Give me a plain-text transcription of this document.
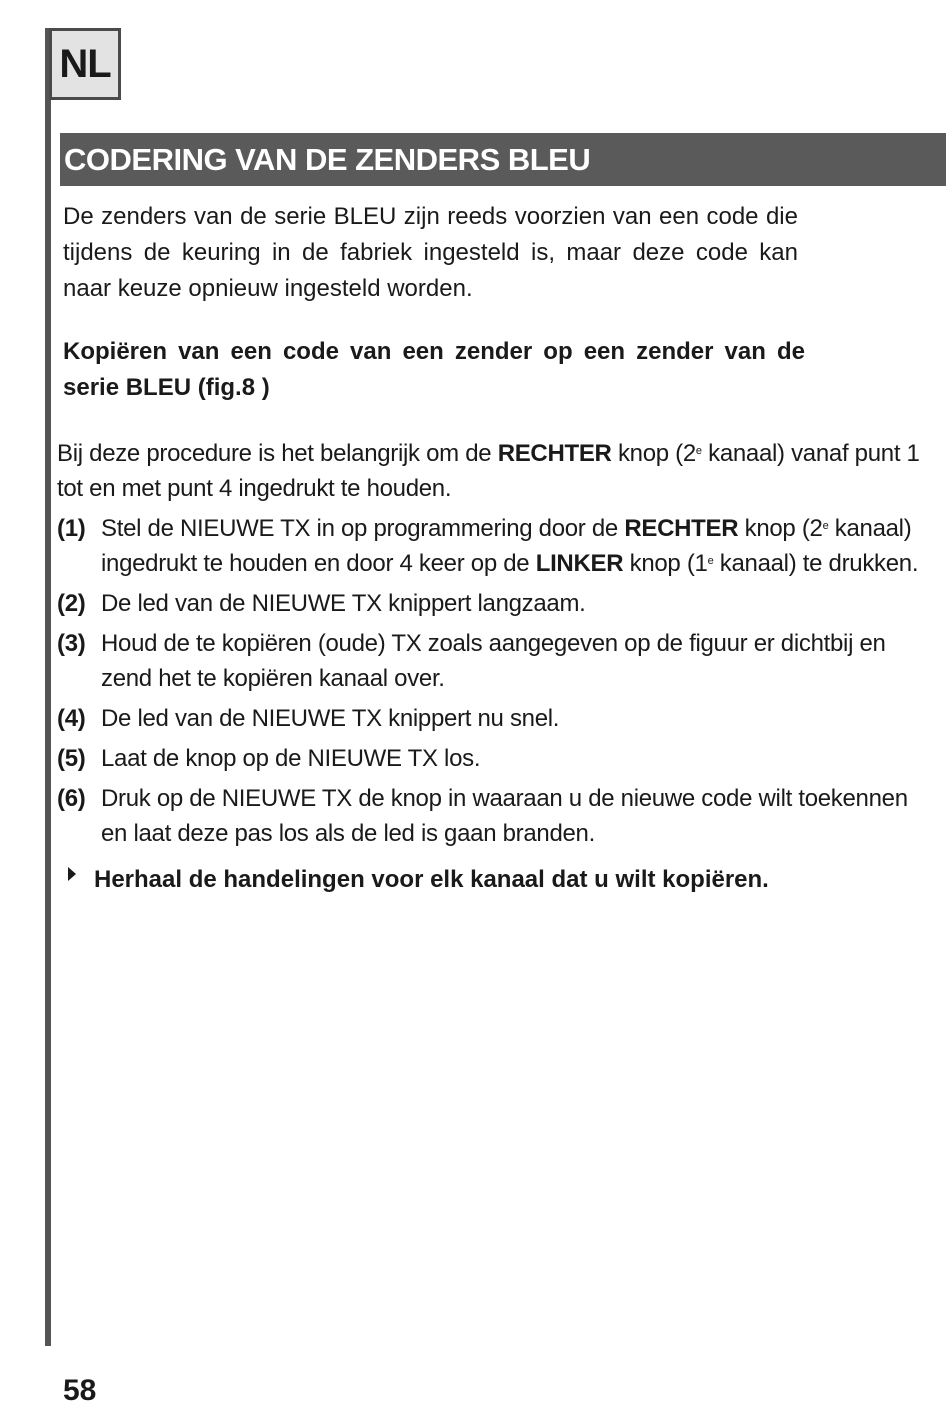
NL
CODERING VAN DE ZENDERS BLEU

De zenders van de serie BLEU zijn reeds voorzien van een code die tijdens de keuring in de fabriek ingesteld is, maar deze code kan naar keuze opnieuw ingesteld worden.

Kopiëren van een code van een zender op een zender van de serie BLEU (fig.8 )

Bij deze procedure is het belangrijk om de RECHTER knop (2e kanaal) vanaf punt 1 tot en met punt 4 ingedrukt te houden.

(1) Stel de NIEUWE TX in op programmering door de RECHTER knop (2e kanaal) ingedrukt te houden en door 4 keer op de LINKER knop (1e kanaal) te drukken.
(2) De led van de NIEUWE TX knippert langzaam.
(3) Houd de te kopiëren (oude) TX zoals aangegeven op de figuur er dichtbij en zend het te kopiëren kanaal over.
(4) De led van de NIEUWE TX knippert nu snel.
(5) Laat de knop op de NIEUWE TX los.
(6) Druk op de NIEUWE TX de knop in waaraan u de nieuwe code wilt toekennen en laat deze pas los als de led is gaan branden.

Herhaal de handelingen voor elk kanaal dat u wilt kopiëren.

58
